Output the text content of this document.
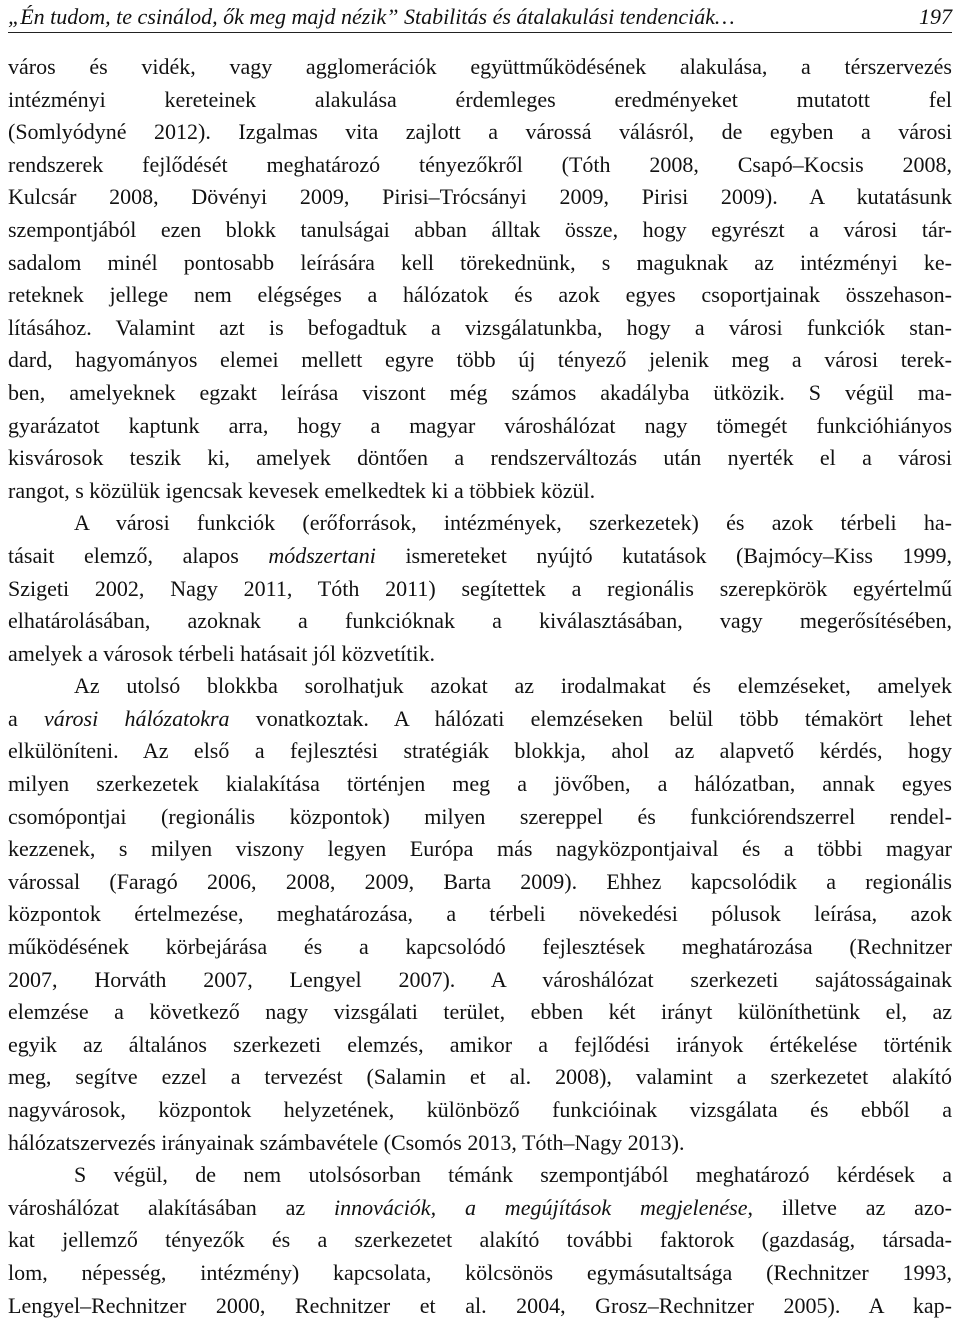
„Én tudom, te csinálod, ők meg majd nézik” Stabilitás és átalakulási tendenciák…	197
város és vidék, vagy agglomerációk együttműködésének alakulása, a térszervezés
intézményi kereteinek alakulása érdemleges eredményeket mutatott fel
(Somlyódyné 2012). Izgalmas vita zajlott a várossá válásról, de egyben a városi
rendszerek fejlődését meghatározó tényezőkről (Tóth 2008, Csapó–Kocsis 2008,
Kulcsár 2008, Dövényi 2009, Pirisi–Trócsányi 2009, Pirisi 2009). A kutatásunk
szempontjából ezen blokk tanulságai abban álltak össze, hogy egyrészt a városi tár-
sadalom minél pontosabb leírására kell törekednünk, s maguknak az intézményi ke-
reteknek jellege nem elégséges a hálózatok és azok egyes csoportjainak összehason-
lításához. Valamint azt is befogadtuk a vizsgálatunkba, hogy a városi funkciók stan-
dard, hagyományos elemei mellett egyre több új tényező jelenik meg a városi terek-
ben, amelyeknek egzakt leírása viszont még számos akadályba ütközik. S végül ma-
gyarázatot kaptunk arra, hogy a magyar városhálózat nagy tömegét funkcióhiányos
kisvárosok teszik ki, amelyek döntően a rendszerváltozás után nyerték el a városi
rangot, s közülük igencsak kevesek emelkedtek ki a többiek közül.
A városi funkciók (erőforrások, intézmények, szerkezetek) és azok térbeli ha-
tásait elemző, alapos módszertani ismereteket nyújtó kutatások (Bajmócy–Kiss 1999,
Szigeti 2002, Nagy 2011, Tóth 2011) segítettek a regionális szerepkörök egyértelmű
elhatárolásában, azoknak a funkcióknak a kiválasztásában, vagy megerősítésében,
amelyek a városok térbeli hatásait jól közvetítik.
Az utolsó blokkba sorolhatjuk azokat az irodalmakat és elemzéseket, amelyek
a városi hálózatokra vonatkoztak. A hálózati elemzéseken belül több témakört lehet
elkülöníteni. Az első a fejlesztési stratégiák blokkja, ahol az alapvető kérdés, hogy
milyen szerkezetek kialakítása történjen meg a jövőben, a hálózatban, annak egyes
csomópontjai (regionális központok) milyen szereppel és funkciórendszerrel rendel-
kezzenek, s milyen viszony legyen Európa más nagyközpontjaival és a többi magyar
várossal (Faragó 2006, 2008, 2009, Barta 2009). Ehhez kapcsolódik a regionális
központok értelmezése, meghatározása, a térbeli növekedési pólusok leírása, azok
működésének körbejárása és a kapcsolódó fejlesztések meghatározása (Rechnitzer
2007, Horváth 2007, Lengyel 2007). A városhálózat szerkezeti sajátosságainak
elemzése a következő nagy vizsgálati terület, ebben két irányt különíthetünk el, az
egyik az általános szerkezeti elemzés, amikor a fejlődési irányok értékelése történik
meg, segítve ezzel a tervezést (Salamin et al. 2008), valamint a szerkezetet alakító
nagyvárosok, központok helyzetének, különböző funkcióinak vizsgálata és ebből a
hálózatszervezés irányainak számbavétele (Csomós 2013, Tóth–Nagy 2013).
S végül, de nem utolsósorban témánk szempontjából meghatározó kérdések a
városhálózat alakításában az innovációk, a megújítások megjelenése, illetve az azo-
kat jellemző tényezők és a szerkezetet alakító további faktorok (gazdaság, társada-
lom, népesség, intézmény) kapcsolata, kölcsönös egymásutaltsága (Rechnitzer 1993,
Lengyel–Rechnitzer 2000, Rechnitzer et al. 2004, Grosz–Rechnitzer 2005). A kap-
